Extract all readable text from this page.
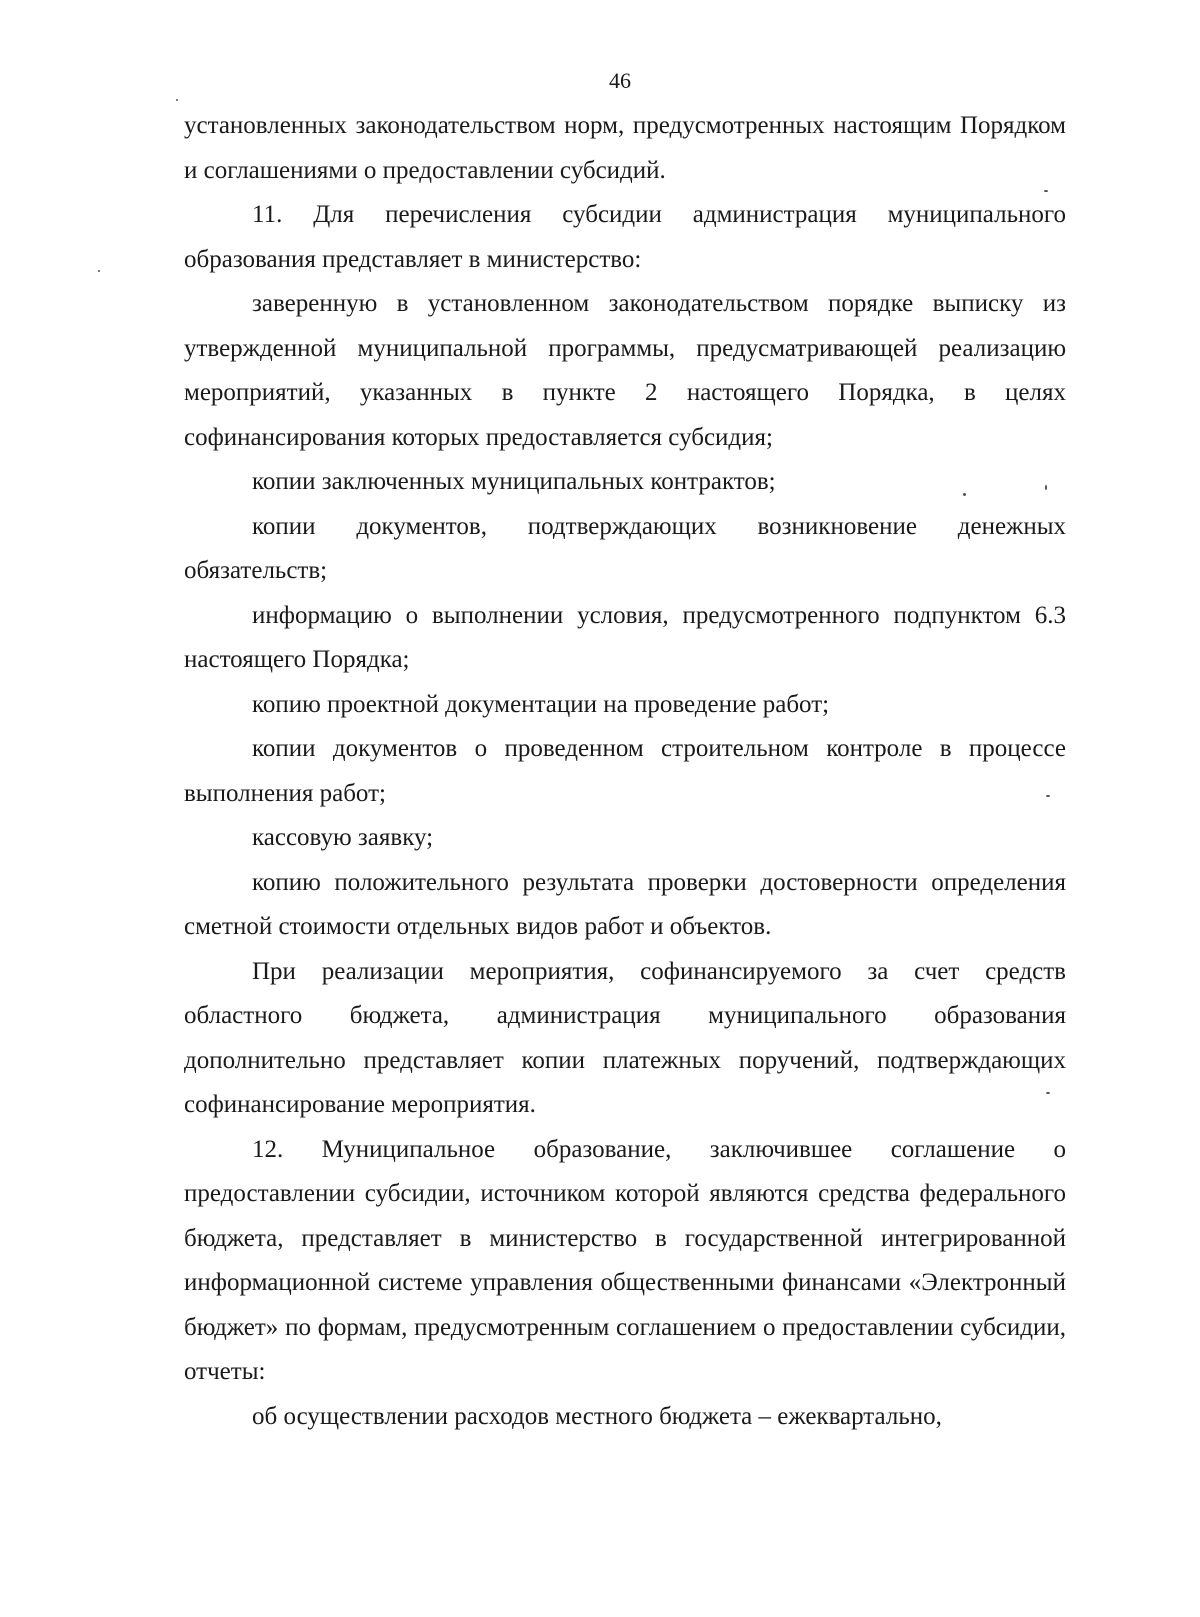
46

установленных законодательством норм, предусмотренных настоящим Порядком и соглашениями о предоставлении субсидий.

11. Для перечисления субсидии администрация муниципального образования представляет в министерство:

заверенную в установленном законодательством порядке выписку из утвержденной муниципальной программы, предусматривающей реализацию мероприятий, указанных в пункте 2 настоящего Порядка, в целях софинансирования которых предоставляется субсидия;

копии заключенных муниципальных контрактов;

копии документов, подтверждающих возникновение денежных обязательств;

информацию о выполнении условия, предусмотренного подпунктом 6.3 настоящего Порядка;

копию проектной документации на проведение работ;

копии документов о проведенном строительном контроле в процессе выполнения работ;

кассовую заявку;

копию положительного результата проверки достоверности определения сметной стоимости отдельных видов работ и объектов.

При реализации мероприятия, софинансируемого за счет средств областного бюджета, администрация муниципального образования дополнительно представляет копии платежных поручений, подтверждающих софинансирование мероприятия.

12. Муниципальное образование, заключившее соглашение о предоставлении субсидии, источником которой являются средства федерального бюджета, представляет в министерство в государственной интегрированной информационной системе управления общественными финансами «Электронный бюджет» по формам, предусмотренным соглашением о предоставлении субсидии, отчеты:

об осуществлении расходов местного бюджета – ежеквартально,
